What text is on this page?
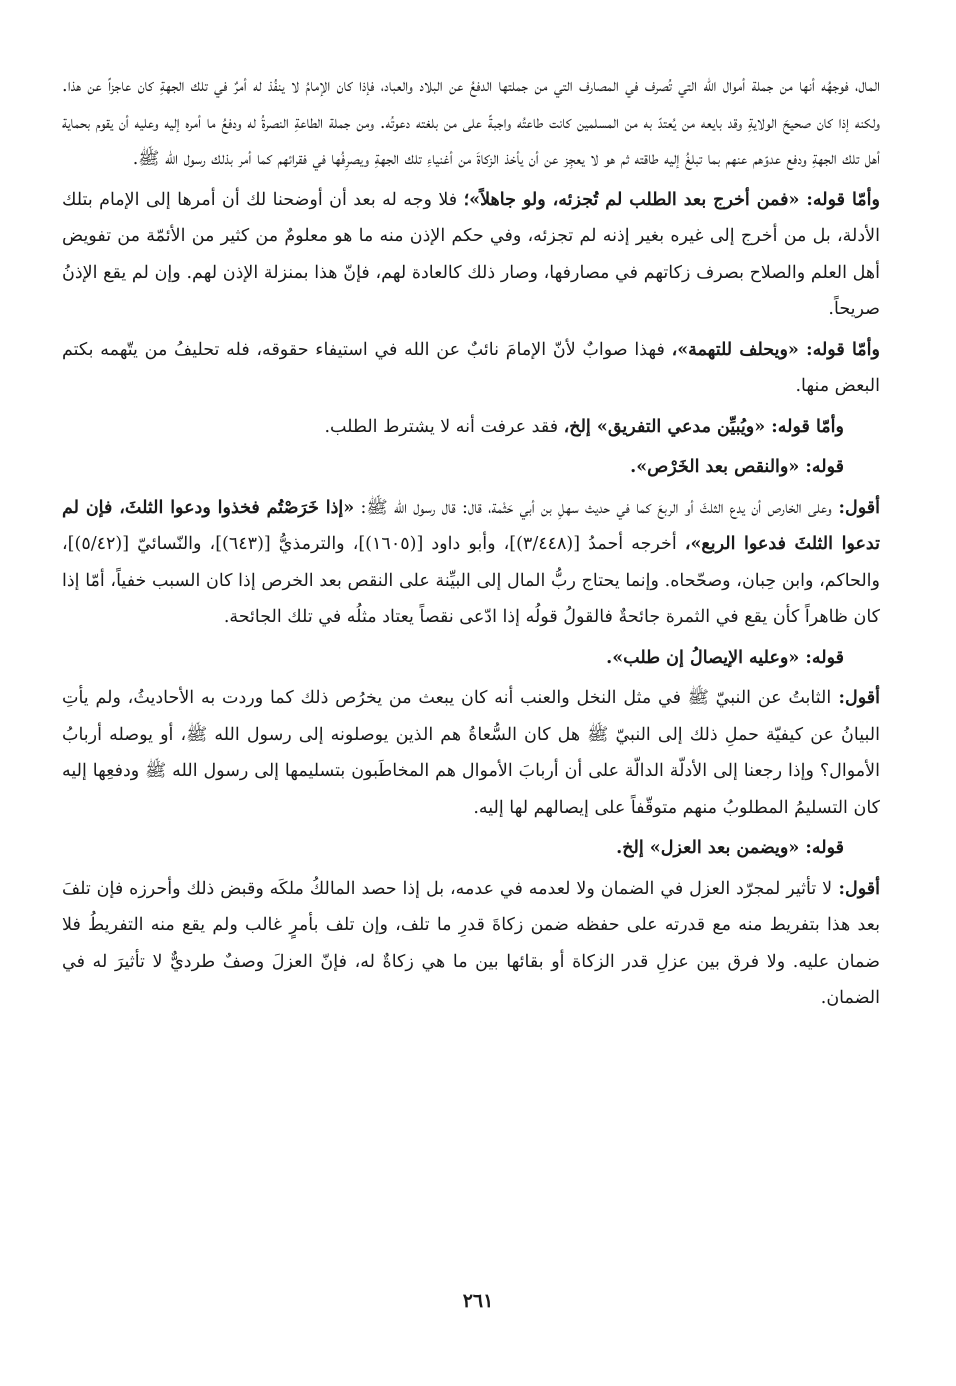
المال، فوجهُه أنها من جملة أموال الله التي تُصرف في المصارف التي من جملتها الدفعُ عن البلاد والعباد، فإذا كان الإمامُ لا ينفُذ له أمرٌ في تلك الجهةِ كان عاجزاً عن هذا. ولكنه إذا كان صحيحَ الولايةِ وقد بايعه من يُعتدّ به من المسلمين كانت طاعتُه واجبةً على من بلغته دعوتُه. ومن جملة الطاعةِ النصرةُ له ودفعُ ما أمره إليه وعليه أن يقوم بحماية أهل تلك الجهةِ ودفع عدوّهم عنهم بما تبلغُ إليه طاقته ثم هو لا يعجِز عن أن يأخذ الزكاةَ من أغنياءِ تلك الجهةِ ويصرِفُها في فقرائهم كما أمر بذلك رسول الله ﷺ.

وأمّا قوله: «فمن أخرج بعد الطلب لم تُجزئه، ولو جاهلاً»؛ فلا وجه له بعد أن أوضحنا لك أن أمرها إلى الإمام بتلك الأدلة، بل من أخرج إلى غيره بغير إذنه لم تجزئه، وفي حكم الإذن منه ما هو معلومٌ من كثير من الأئمّة من تفويض أهل العلم والصلاح بصرف زكاتهم في مصارفها، وصار ذلك كالعادة لهم، فإنّ هذا بمنزلة الإذن لهم. وإن لم يقع الإذنُ صريحاً.

وأمّا قوله: «ويحلف للتهمة»، فهذا صوابٌ لأنّ الإمامَ نائبٌ عن الله في استيفاء حقوقه، فله تحليفُ من يتّهمه بكتم البعض منها.

وأمّا قوله: «ويُبيِّن مدعي التفريق» إلخ، فقد عرفت أنه لا يشترط الطلب.

قوله: «والنقص بعد الخَرْص».

أقول: وعلى الخارص أن يدع الثلثَ أو الربعَ كما في حديث سهلِ بن أبي حَثْمة، قال: قال رسول الله ﷺ: «إذا خَرَصْتُم فخذوا ودعوا الثلثَ، فإن لم تدعوا الثلثَ فدعوا الربع»، أخرجه أحمدُ [(٣/٤٤٨)]، وأبو داود [(١٦٠٥)]، والترمذيُّ [(٦٤٣)]، والنّسائيّ [(٥/٤٢)]، والحاكم، وابن حِبان، وصحّحاه. وإنما يحتاج ربُّ المال إلى البيِّنة على النقص بعد الخرص إذا كان السبب خفياً، أمّا إذا كان ظاهراً كأن يقع في الثمرة جائحةٌ فالقولُ قولُه إذا ادّعى نقصاً يعتاد مثلُه في تلك الجائحة.

قوله: «وعليه الإيصالُ إن طلب».

أقول: الثابتُ عن النبيّ ﷺ في مثل النخل والعنب أنه كان يبعث من يخرُص ذلك كما وردت به الأحاديثُ، ولم يأتِ البيانُ عن كيفيّة حملِ ذلك إلى النبيّ ﷺ هل كان السُّعاةُ هم الذين يوصلونه إلى رسول الله ﷺ، أو يوصله أربابُ الأموال؟ وإذا رجعنا إلى الأدلّة الدالّة على أن أربابَ الأموال هم المخاطَبون بتسليمها إلى رسول الله ﷺ ودفعِها إليه كان التسليمُ المطلوبُ منهم متوقّفاً على إيصالهم لها إليه.

قوله: «ويضمن بعد العزل» إلخ.

أقول: لا تأثير لمجرّد العزل في الضمان ولا لعدمه في عدمه، بل إذا حصد المالكُ ملكَه وقبض ذلك وأحرزه فإن تلفَ بعد هذا بتفريط منه مع قدرته على حفظه ضمن زكاةَ قدرِ ما تلف، وإن تلف بأمرٍ غالب ولم يقع منه التفريطُ فلا ضمان عليه. ولا فرق بين عزلِ قدر الزكاة أو بقائها بين ما هي زكاةٌ له، فإنّ العزلَ وصفٌ طرديٌّ لا تأثيرَ له في الضمان.

٢٦١
